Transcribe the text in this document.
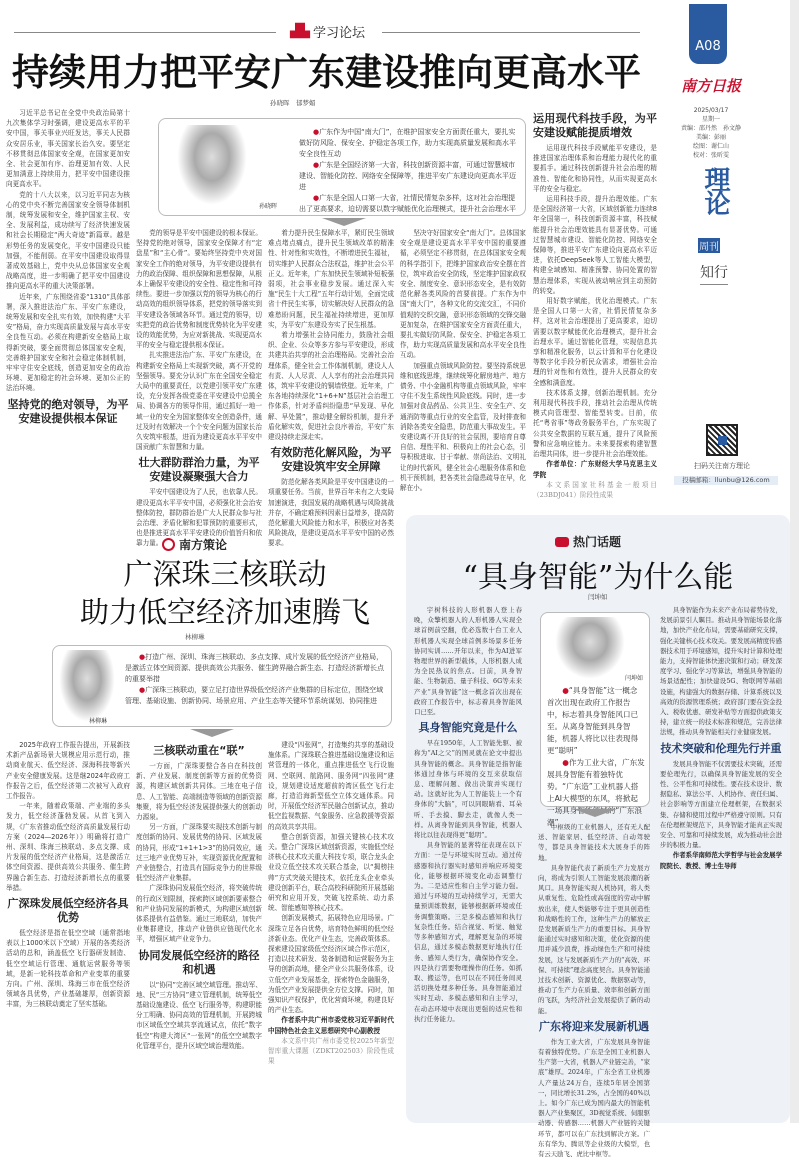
▟▙ 学习论坛
持续用力把平安广东建设推向更高水平
孙晓晖　郁梦媚

习近平总书记在全党中央政治局第十九次集体学习时强调，建设更高水平的平安中国，事关事业兴旺发达，事关人民群众安居乐业，事关国家长治久安。要坚定不移贯彻总体国家安全观，在国家更加安全、社会更加有序、治理更加有效、人民更加满意上持续用力，把平安中国建设推向更高水平。

党的十八大以来，以习近平同志为核心的党中央不断完善国家安全领导体制机制，统筹发展和安全，维护国家主权、安全、发展利益，成功续写了经济快速发展和社会长期稳定“两大奇迹”新篇章。越是形势任务的发展变化，平安中国建设只能加强，不能削弱。在平安中国建设取得显著成效基础上，党中央从总体国家安全观战略高度，进一步明确了把平安中国建设推向更高水平的重大决策部署。

近年来，广东围绕省委“1310”具体部署，深入推进法治广东、平安广东建设，统筹发展和安全扎实有效，加快构建“大平安”格局，奋力实现高质量发展与高水平安全良性互动。必须在构建新安全格局上取得新突破，要全面贯彻总体国家安全观，完善维护国家安全和社会稳定体制机制，牢牢守住安全底线，创造更加安全的政治环境、更加稳定的社会环境、更加公正的法治环境。

坚持党的绝对领导，为平安建设提供根本保证

孙晓晖

●广东作为中国“南大门”，在维护国家安全方面责任重大，要扎实做好防风险、保安全、护稳定各项工作，助力实现高质量发展和高水平安全良性互动

●广东是全国经济第一大省，科技创新资源丰富，可通过智慧城市建设、智能化防控、网络安全保障等，推进平安广东建设向更高水平迈进

●广东是全国人口第一大省，社情民情复杂多样，这对社会治理提出了更高要求，迫切需要以数字赋能优化治理模式，提升社会治理水平

党的领导是平安中国建设的根本保证。坚持党的绝对领导，国家安全保障才有“定盘星”和“主心骨”。要始终坚持党中央对国家安全工作的绝对领导，为平安建设提供有力的政治保障、组织保障和思想保障，从根本上确保平安建设的安全性、稳定性和可持续性。要进一步加强以党的领导为核心的行动高效的组织领导体系，把党的领导落实到平安建设各领域各环节。通过党的领导，切实把党的政治优势和制度优势转化为平安建设的效能优势，为应对新挑战、实现更高水平的安全与稳定提供根本保证。

扎实推进法治广东、平安广东建设，在构建新安全格局上实现新突破，离不开党的坚强领导。要充分认识广东在全国安全稳定大局中的重要责任，以党建引领平安广东建设，充分发挥各级党委在平安建设中总揽全局、协调各方的领导作用，通过抓好一地一域一业的安全为国家整体安全创造条件，通过及时有效解决一个个安全问题为国家长治久安筑牢根基，进而为建设更高水平平安中国贡献广东智慧和力量。

壮大群防群治力量，为平安建设凝聚强大合力

平安中国建设为了人民，也依靠人民。建设更高水平平安中国，必须强化社会治安整体防控，群防群治是广大人民群众参与社会治理、矛盾化解和犯罪预防的重要形式，也是推进更高水平平安建设的价值旨归和依靠力量。

着力提升民生保障水平，紧盯民生领域难点堵点痛点，提升民生领域改革的精准性、针对性和实效性，不断增进民生福祉，切实维护人民群众合法权益，维护社会公平正义。近年来，广东加快民生领域补短板强弱项，社会事业稳步发展。通过深入实施“民生十大工程”五年行动计划，全面完成省十件民生实事，切实解决好人民群众的急难愁盼问题，民生福祉持续增进，更加厚实，为平安广东建设夯实了民生根基。

着力增强社会协同能力，鼓励社会组织、企业、公众等多方参与平安建设，形成共建共治共享的社会治理格局。完善社会治理体系，健全社会工作体制机制，建设人人有责、人人尽责、人人享有的社会治理共同体，筑牢平安建设的铜墙铁壁。近年来，广东各地持续深化“1+6+N”基层社会治理工作体系，针对矛盾纠纷隐患“早发现、早化解、早处置”，推动健全解纷机制，提升矛盾化解实效，促进社会良序善治，平安广东建设持续走深走实。

有效防范化解风险，为平安建设筑牢安全屏障

防范化解各类风险是平安中国建设的一项重要任务。当前，世界百年未有之大变局加速演进，我国发展的战略机遇与风险挑战并存，不确定难预料因素日益增多，提高防范化解重大风险能力和水平，积极应对各类风险挑战，是建设更高水平平安中国的必然要求。

坚决守好国家安全“南大门”。总体国家安全观是建设更高水平平安中国的重要遵循，必须坚定不移贯彻，在总体国家安全观的科学指引下，把维护国家政治安全摆在首位，筑牢政治安全防线，坚定维护国家政权安全、制度安全、意识形态安全，是有效防范化解各类风险的首要前提。广东作为中国“南大门”，各种文化的交流交汇，不同价值观的交织交融，意识形态领域的交锋交融更加复杂，在维护国家安全方面责任重大，要扎实做好防风险、保安全、护稳定各项工作，助力实现高质量发展和高水平安全良性互动。

加强重点领域风险防控。要坚持系统思维和底线思维，继续统筹化解房地产、地方债务、中小金融机构等重点领域风险，牢牢守住不发生系统性风险底线。同时，进一步加强对食品药品、公共卫生、安全生产、交通消防等重点行业的安全监管，及时排查和消除各类安全隐患，防范重大事故发生。平安建设离不开良好的社会氛围，要培育自尊自信、理性平和、积极向上的社会心态，引导积极进取、甘于奉献、崇尚法治、文明礼让的时代新风，健全社会心理服务体系和危机干预机制，把各类社会隐患疏导在早，化解在小。

运用现代科技手段，为平安建设赋能提质增效

运用现代科技手段赋能平安建设，是推进国家治理体系和治理能力现代化的重要抓手。通过科技创新提升社会治理的精准性、智能化和协同性，从而实现更高水平的安全与稳定。

运用科技手段，提升治理效能。广东是全国经济第一大省，区域创新能力连续8年全国第一，科技创新资源丰富，科技赋能提升社会治理效能具有显著优势。可通过智慧城市建设、智能化防控、网络安全保障等，推进平安广东建设向更高水平迈进，依托DeepSeek等人工智能大模型，构建全域感知、精准预警、协同处置的智慧治理体系，实现从被动响应到主动预防的转变。

用好数字赋能，优化治理模式。广东是全国人口第一大省，社情民情复杂多样，这对社会治理提出了更高要求，迫切需要以数字赋能优化治理模式，提升社会治理水平。通过智能化管理，实现信息共享和精准化服务，以云计算和平台化建设等数字化手段分析民众需求，增强社会治理的针对性和有效性，提升人民群众的安全感和满意度。

技术体系支撑，创新治理机制。充分利用现代科技手段，推动社会治理从传统模式向管理型、智能型转变。目前，依托“粤省事”等政务服务平台，广东实现了公共安全数据的互联互通，提升了风险预警和应急响应能力。未来要探索构建智慧治理共同体，进一步提升社会治理效能。

作者单位：广东财经大学马克思主义学院

本文系国家社科基金一般项目（23BDJ041）阶段性成果

南方策论
广深珠三核联动
助力低空经济加速腾飞
林柳琳
林柳琳

●打造广州、深圳、珠海三核联动、多点支撑、成片发展的低空经济产业格局，是激活立体空间资源、提供高效公共服务、催生跨界融合新生态、打造经济新增长点的重要举措

●广深珠三核联动，要立足打造世界级低空经济产业集群的目标定位，围绕空域管理、基础设施、创新协同、场景应用、产业生态等关键环节系统谋划、协同推进

2025年政府工作报告提出，开展新技术新产品新场景大规模应用示范行动，推动商业航天、低空经济、深海科技等新兴产业安全健康发展。这是继2024年政府工作报告之后，低空经济第二次被写入政府工作报告。

一年来，随着政策端、产业端的多头发力，低空经济蓬勃发展。从首飞到入规，《广东省推动低空经济高质量发展行动方案（2024—2026年）》明确将打造广州、深圳、珠海三核联动、多点支撑、成片发展的低空经济产业格局，这是激活立体空间资源、提供高效公共服务、催生跨界融合新生态、打造经济新增长点的重要举措。

广深珠发展低空经济各具优势

低空经济是指在低空空域（通常指地表以上1000米以下空域）开展的各类经济活动的总和，涵盖低空飞行器研发制造、低空空域运行管理、通航运营服务等领域，是新一轮科技革命和产业变革的重要方向。广州、深圳、珠海三市在低空经济领域各具优势，产业基础雄厚，创新资源丰富，为三核联动奠定了坚实基础。

三核联动重在“联”

一方面，广深珠要整合各自在科技创新、产业发展、制度创新等方面的优势资源，构建区域创新共同体。三地在电子信息、人工智能、高端制造等领域的创新资源集聚，将为低空经济发展提供强大的创新动力源泉。

另一方面，广深珠要实现技术创新与制度创新的协同、发展优势的协同、区域发展的协同，形成“1+1+1>3”的协同效应，通过三地产业优势互补，实现资源优化配置和产业链整合，打造具有国际竞争力的世界级低空经济产业集群。

广深珠协同发展低空经济，将突破传统的行政区划限制，探索跨区域创新要素整合和产业协同发展的新模式，为构建区域创新体系提供有益借鉴。通过三地联动，加快产业集群建设，推动产业链供应链现代化水平，增强区域产业竞争力。

协同发展低空经济的路径和机遇

以“协同”完善区域空域管理。推动军、地、民“三方协同”建立管理机制，统筹低空基础设施建设、低空飞行服务等，构建职能分工明确、协同高效的管理机制，开展跨城市区域低空空域共享流通试点，依托“数字低空”构建大湾区“一张网”的低空空域数字化管理平台，提升区域空域治理效能。

建设“四张网”，打造集约共享的基础设施体系。广深珠联合推进基础设施建设和运营管理的一体化，重点推进低空飞行设施网、空联网、航路网、服务网“四张网”建设，规划建设适度超前的湾区低空飞行走廊，打造沿海新型低空立体交通体系。同时，开展低空经济军民融合创新试点，推动低空监视数据、气象服务、应急救援等资源的高效共享共用。

整合创新资源，加强关键核心技术攻关。整合广深珠区域创新资源，实施低空经济核心技术攻关重大科技专项，联合龙头企业设立低空技术攻关联合基金，以“揭榜挂帅”方式突破关键技术，依托龙头企业牵头建设创新平台，联合高校科研院所开展基础研究和应用开发，突破飞控系统、动力系统、智能感知等核心技术。

创新发展模式，拓展特色应用场景。广深珠立足各自优势，培育特色鲜明的低空经济新业态。优化产业生态，完善政策体系。探索建设国家级低空经济区域合作示范区，打造以技术研发、装备制造和运营服务为主导的创新高地，健全产业公共服务体系，设立低空产业发展基金，探索特色金融服务，为低空产业发展提供全方位支撑。同时，加强知识产权保护，优化营商环境，构建良好的产业生态。

作者系中共广州市委党校习近平新时代中国特色社会主义思想研究中心副教授

本文系中共广州市委党校2025年新型智库重大课题（ZDKT202503）阶段性成果

热门话题
“具身智能”为什么能
闫坤如

宇树科技的人形机器人登上春晚，众擎机器人的人形机器人实现全球首例前空翻，优必选数十台工业人形机器人实现全球首例多场景多任务协同实训……开年以来，作为AI进军物理世界的新型载体，人形机器人成为全民热议的焦点。日前，具身智能、生物制造、量子科技、6G等未来产业“具身智能”这一概念首次出现在政府工作报告中，标志着具身智能风口已至。

具身智能究竟是什么

早在1950年，人工智能先驱、被称为“AI之父”的图灵就在论文中提出具身智能的概念。具身智能是指智能体通过身体与环境的交互来获取信息、理解问题、做出决策并实现行动。这就好比为人工智能装上一个有身体的“大脑”，可以同眼睛看、耳朵听、手去摸、脚去走，就像人类一样。从离身智能到具身智能，机器人将比以往表现得更“聪明”。

具身智能的显著特征表现在以下方面：一是与环境实时互动。通过传感器和执行器实时感知并响应环境变化，能够根据环境变化动态调整行为。二是适应性和自主学习能力强。通过与环境的互动持续学习，无需大量预训练数据，能够根据新环境或任务调整策略。三是多模态感知和执行复杂性任务。结合视觉、听觉、触觉等多种感知方式，理解更复杂的环境信息，通过多模态数据更好地执行任务、感知人类行为，确保协作安全。四是执行需要物理操作的任务。如抓取、搬运等，也可以在不同任务间灵活切换处理多种任务。具身智能通过实时互动、多模态感知和自主学习，在动态环境中表现出更强的适应性和执行任务能力。

闫坤如

●“具身智能”这一概念首次出现在政府工作报告中，标志着具身智能风口已至。从离身智能到具身智能，机器人将比以往表现得更“聪明”

●作为工业大省，广东发展具身智能有着独特优势。“广东造”工业机器人搭上AI大模型的东风，将掀起一场具身智能领域的“广东浪潮”

中枢级的工业机器人，还有无人配送、智能家居、低空经济、自动驾驶等，都是具身智能技术大展身手的阵地。

具身智能代表了新质生产力发展方向，将成为引领人工智能发展浪潮的新风口。具身智能实现人机协同，将人类从重复性、危险性或高强度的劳动中解放出来，使人类能够专注于更具创造性和战略性的工作，这种生产力的解放正是发展新质生产力的重要目标。具身智能通过实时感知和决策，优化资源的使用并减少浪费，推动绿色生产和可持续发展，这与发展新质生产力的“高效、环保、可持续”理念高度契合。具身智能通过技术创新、资源优化、数据驱动等，推动了生产力在质量、效率和创新方面的飞跃，为经济社会发展提供了新的动能。

广东将迎来发展新机遇

作为工业大省，广东发展具身智能有着独特优势。广东是全国工业机器人生产第一大省，机器人产业链完善，“家底”雄厚。2024年，广东全省工业机器人产量达24万台，连续5年居全国第一，同比增长31.2%，占全国的40%以上。如今广东已成为国内最大的智能机器人产业集聚区，3D视觉系统、伺服驱动器、传感器……机器人产业链的关键环节，都可以在广东找到解决方案。广东有华为、腾讯等企业级的大模型，也有云天励飞、虎比中枢等。

具身智能作为未来产业布局蓄势待发，发展前景引人瞩目。推动具身智能场景化落地，加快产业化布局，需要基础研究支撑，强化关键核心技术攻关。要发展高精度传感器技术用于环境感知，提升实时计算和处理能力，支持智能体快速决策和行动；研发深度学习、强化学习等算法，增强具身智能的场景适配性；加快建设5G、物联网等基础设施，构建强大的数据存储、计算系统以及高效的资源管理系统；政府部门要在资金投入、税收优惠、研发补贴等方面提供政策支持，建立统一的技术标准和规范，完善法律法规，推动具身智能相关行业健康发展。

技术突破和伦理先行并重

发展具身智能不仅需要技术突破，还需要伦理先行，以确保具身智能发展的安全性、公平性和可持续性。要在技术设计、数据隐私、算法公平、人机协作、责任归属、社会影响等方面建立伦理框架，在数据采集、存储和使用过程中严格遵守原则。只有在伦理框架规范下，具身智能才能真正实现安全、可靠和可持续发展，成为推动社会进步的积极力量。

作者系华南师范大学哲学与社会发展学院院长、教授、博士生导师

A08
南方日报
2025/03/17
星期一
责编：邵丹然　孙文静
美编：彭丽
绘图：谢仁山
校对：张昕雯
理论
周刊
知行
扫码关注南方理论
投稿邮箱：llunbu@126.com
